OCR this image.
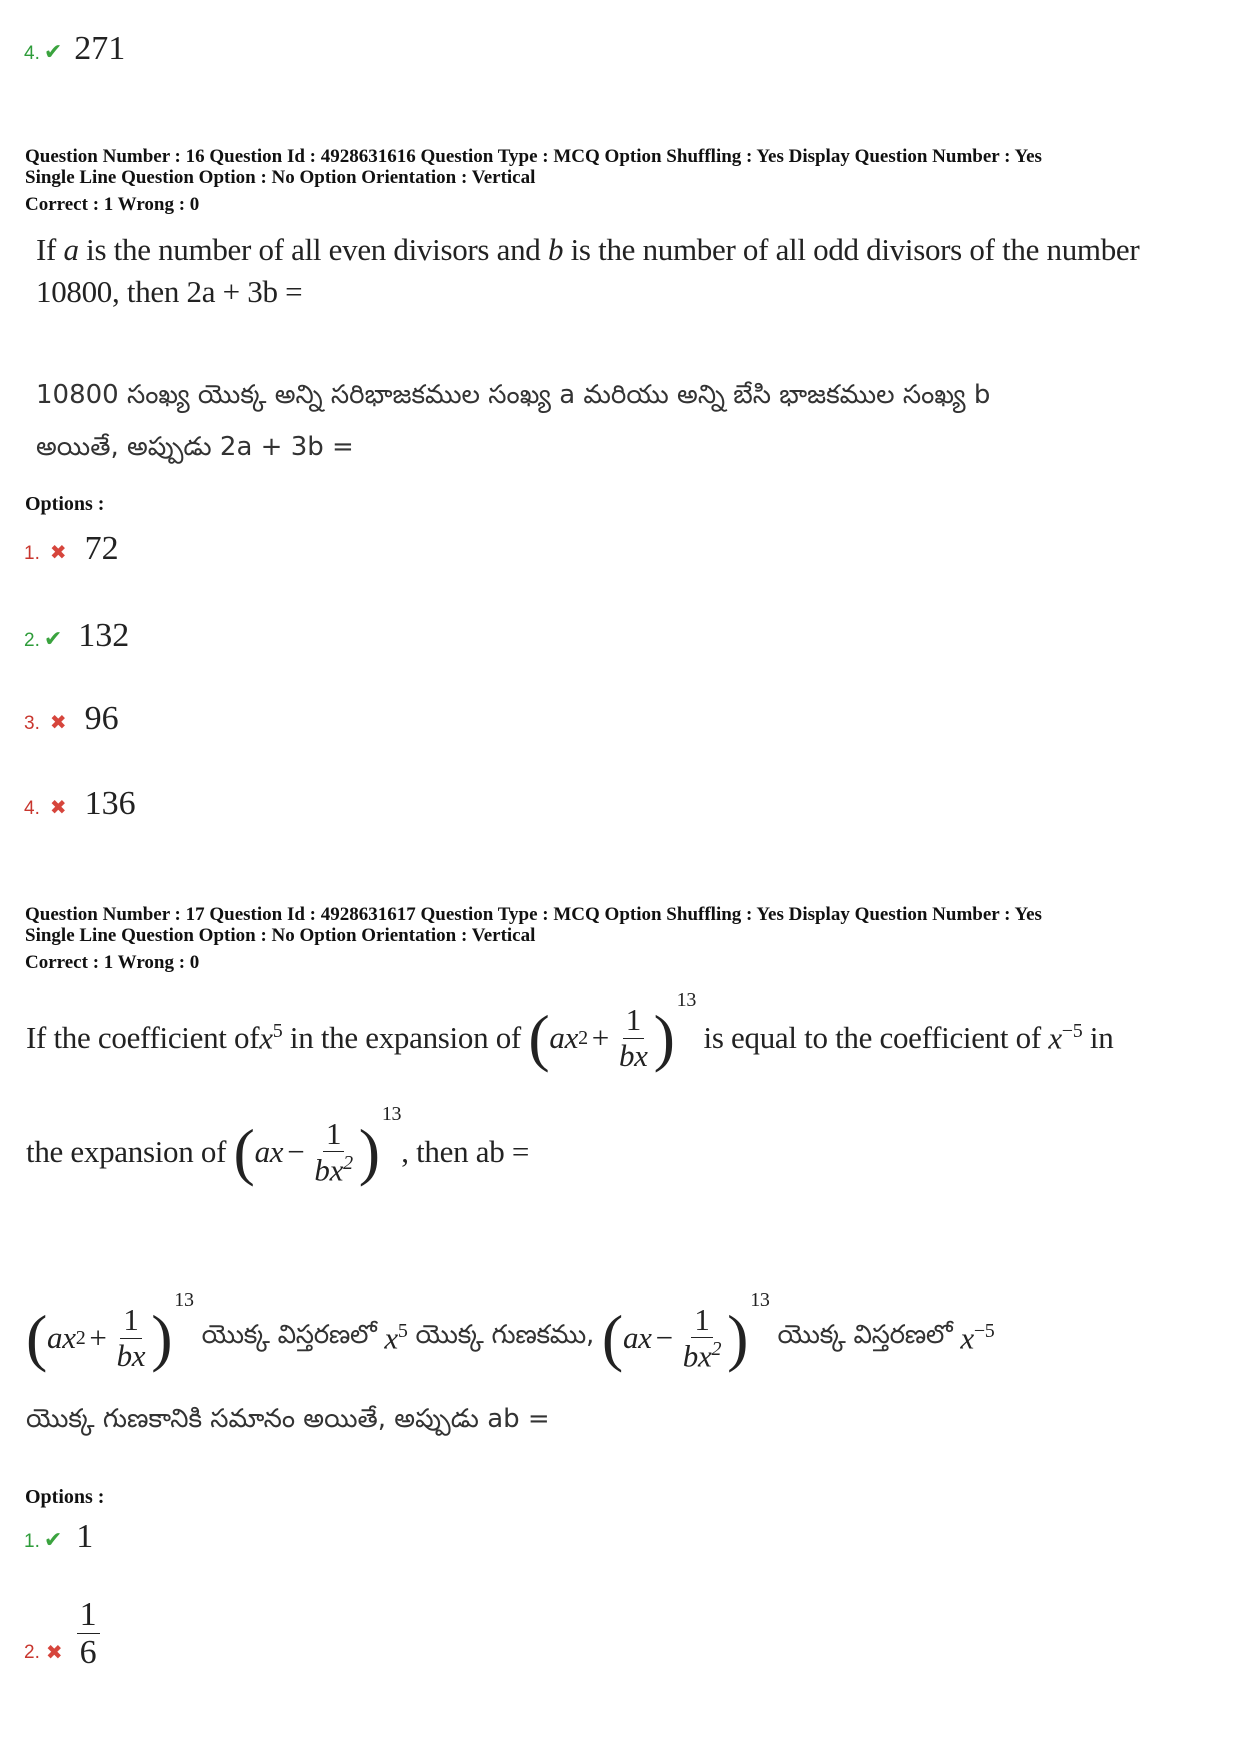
4. ✔ 271
Question Number : 16 Question Id : 4928631616 Question Type : MCQ Option Shuffling : Yes Display Question Number : Yes
Single Line Question Option : No Option Orientation : Vertical
Correct : 1 Wrong : 0
If a is the number of all even divisors and b is the number of all odd divisors of the number
10800, then 2a + 3b =
10800 సంఖ్య యొక్క అన్ని సరిభాజకముల సంఖ్య a మరియు అన్ని బేసి భాజకముల సంఖ్య b
అయితే, అప్పుడు 2a + 3b =
Options :
1. ✖ 72
2. ✔ 132
3. ✖ 96
4. ✖ 136
Question Number : 17 Question Id : 4928631617 Question Type : MCQ Option Shuffling : Yes Display Question Number : Yes
Single Line Question Option : No Option Orientation : Vertical
Correct : 1 Wrong : 0
If the coefficient of $x^5$ in the expansion of ( ax $2 + \frac{1}{bx}$ )
13
is equal to the coefficient of $x^{-5}$ in
the expansion of ( ax − $\frac{1}{bx^2}$ )
13
, then ab =
( ax $2 + \frac{1}{bx}$ )
13
యొక్క విస్తరణలో $x^5$ యొక్క గుణకము, ( ax − $\frac{1}{bx^2}$ )
13
యొక్క విస్తరణలో $x^{-5}$
యొక్క గుణకానికి సమానం అయితే, అప్పుడు ab =
Options :
1. ✔ 1
2. ✖ $\frac{1}{6}$
